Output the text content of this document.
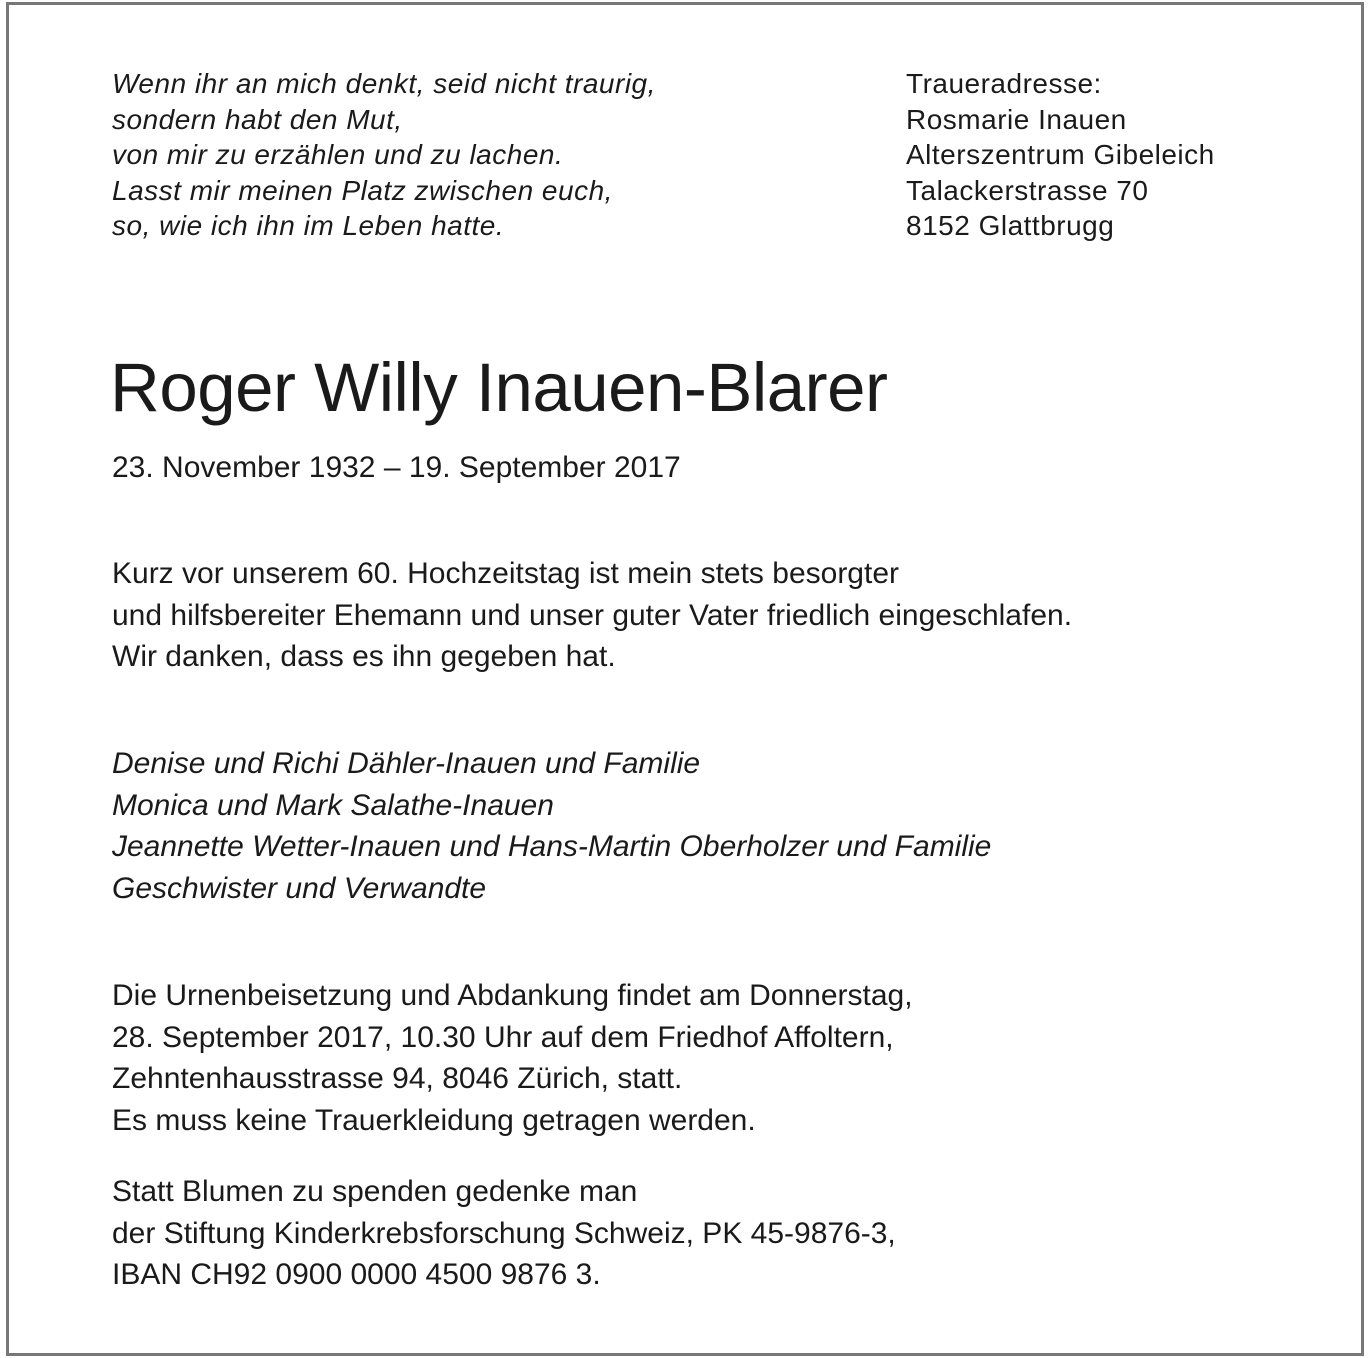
Wenn ihr an mich denkt, seid nicht traurig,
sondern habt den Mut,
von mir zu erzählen und zu lachen.
Lasst mir meinen Platz zwischen euch,
so, wie ich ihn im Leben hatte.
Traueradresse:
Rosmarie Inauen
Alterszentrum Gibeleich
Talackerstrasse 70
8152 Glattbrugg
Roger Willy Inauen-Blarer
23. November 1932 – 19. September 2017
Kurz vor unserem 60. Hochzeitstag ist mein stets besorgter
und hilfsbereiter Ehemann und unser guter Vater friedlich eingeschlafen.
Wir danken, dass es ihn gegeben hat.
Denise und Richi Dähler-Inauen und Familie
Monica und Mark Salathe-Inauen
Jeannette Wetter-Inauen und Hans-Martin Oberholzer und Familie
Geschwister und Verwandte
Die Urnenbeisetzung und Abdankung findet am Donnerstag,
28. September 2017, 10.30 Uhr auf dem Friedhof Affoltern,
Zehntenhausstrasse 94, 8046 Zürich, statt.
Es muss keine Trauerkleidung getragen werden.
Statt Blumen zu spenden gedenke man
der Stiftung Kinderkrebsforschung Schweiz, PK 45-9876-3,
IBAN CH92 0900 0000 4500 9876 3.
